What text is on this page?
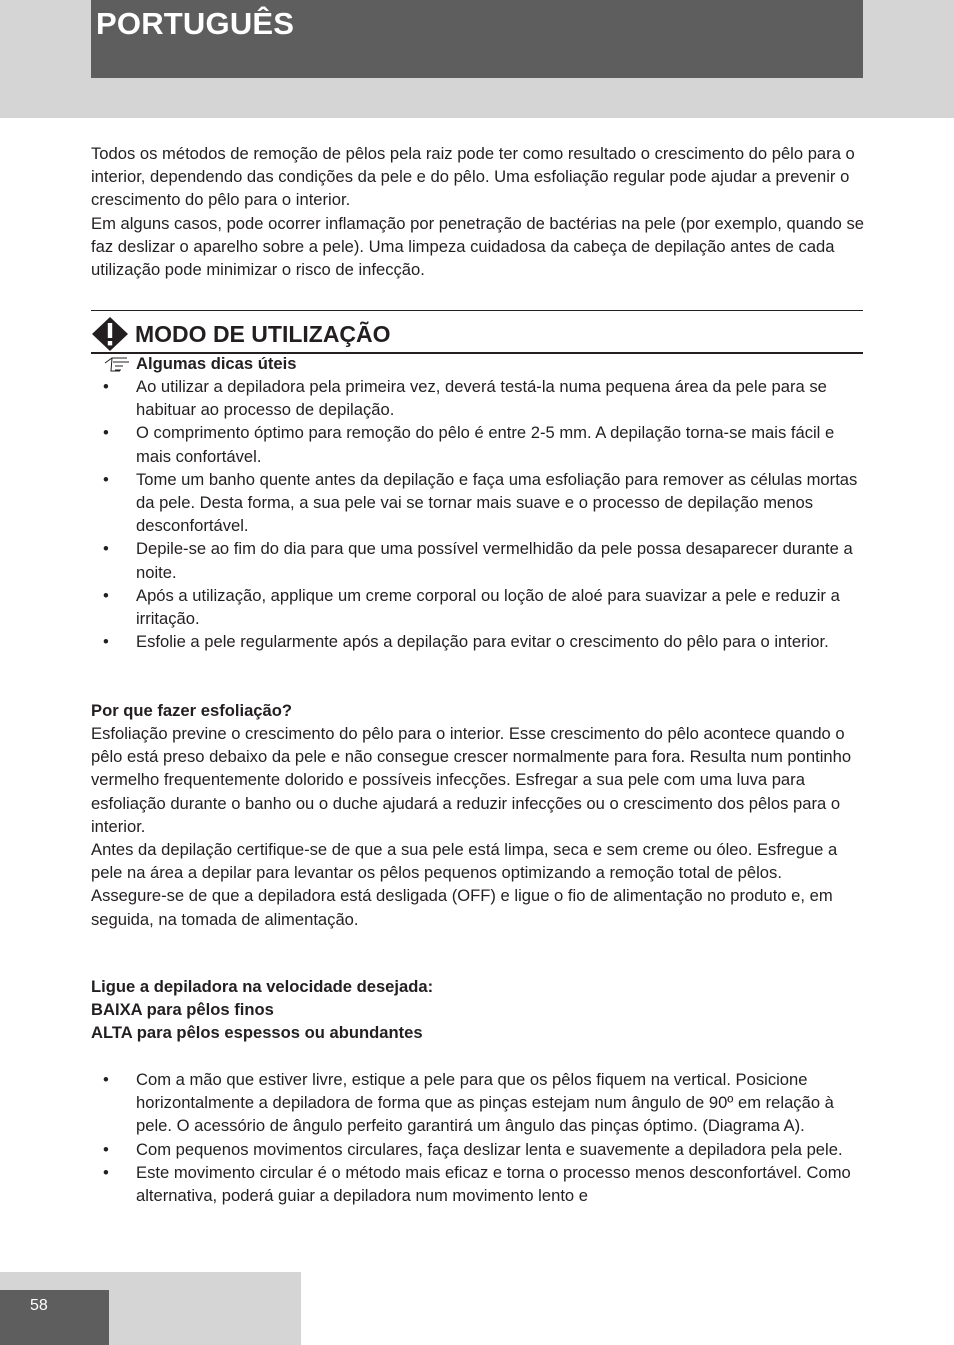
PORTUGUÊS
Todos os métodos de remoção de pêlos pela raiz pode ter como resultado o crescimento do pêlo para o interior, dependendo das condições da pele e do pêlo. Uma esfoliação regular pode ajudar a prevenir o crescimento do pêlo para o interior.
Em alguns casos, pode ocorrer inflamação por penetração de bactérias na pele (por exemplo, quando se faz deslizar o aparelho sobre a pele). Uma limpeza cuidadosa da cabeça de depilação antes de cada utilização pode minimizar o risco de infecção.
MODO DE UTILIZAÇÃO
Algumas dicas úteis
• Ao utilizar a depiladora pela primeira vez, deverá testá-la numa pequena área da pele para se habituar ao processo de depilação.
• O comprimento óptimo para remoção do pêlo é entre 2-5 mm. A depilação torna-se mais fácil e mais confortável.
• Tome um banho quente antes da depilação e faça uma esfoliação para remover as células mortas da pele. Desta forma, a sua pele vai se tornar mais suave e o processo de depilação menos desconfortável.
• Depile-se ao fim do dia para que uma possível vermelhidão da pele possa desaparecer durante a noite.
• Após a utilização, applique um creme corporal ou loção de aloé para suavizar a pele e reduzir a irritação.
• Esfolie a pele regularmente após a depilação para evitar o crescimento do pêlo para o interior.
Por que fazer esfoliação?
Esfoliação previne o crescimento do pêlo para o interior. Esse crescimento do pêlo acontece quando o pêlo está preso debaixo da pele e não consegue crescer normalmente para fora. Resulta num pontinho vermelho frequentemente dolorido e possíveis infecções. Esfregar a sua pele com uma luva para esfoliação durante o banho ou o duche ajudará a reduzir infecções ou o crescimento dos pêlos para o interior.
Antes da depilação certifique-se de que a sua pele está limpa, seca e sem creme ou óleo. Esfregue a pele na área a depilar para levantar os pêlos pequenos optimizando a remoção total de pêlos.
Assegure-se de que a depiladora está desligada (OFF) e ligue o fio de alimentação no produto e, em seguida, na tomada de alimentação.
Ligue a depiladora na velocidade desejada:
BAIXA para pêlos finos
ALTA para pêlos espessos ou abundantes
• Com a mão que estiver livre, estique a pele para que os pêlos fiquem na vertical. Posicione horizontalmente a depiladora de forma que as pinças estejam num ângulo de 90º em relação à pele. O acessório de ângulo perfeito garantirá um ângulo das pinças óptimo. (Diagrama A).
• Com pequenos movimentos circulares, faça deslizar lenta e suavemente a depiladora pela pele.
• Este movimento circular é o método mais eficaz e torna o processo menos desconfortável. Como alternativa, poderá guiar a depiladora num movimento lento e
58
